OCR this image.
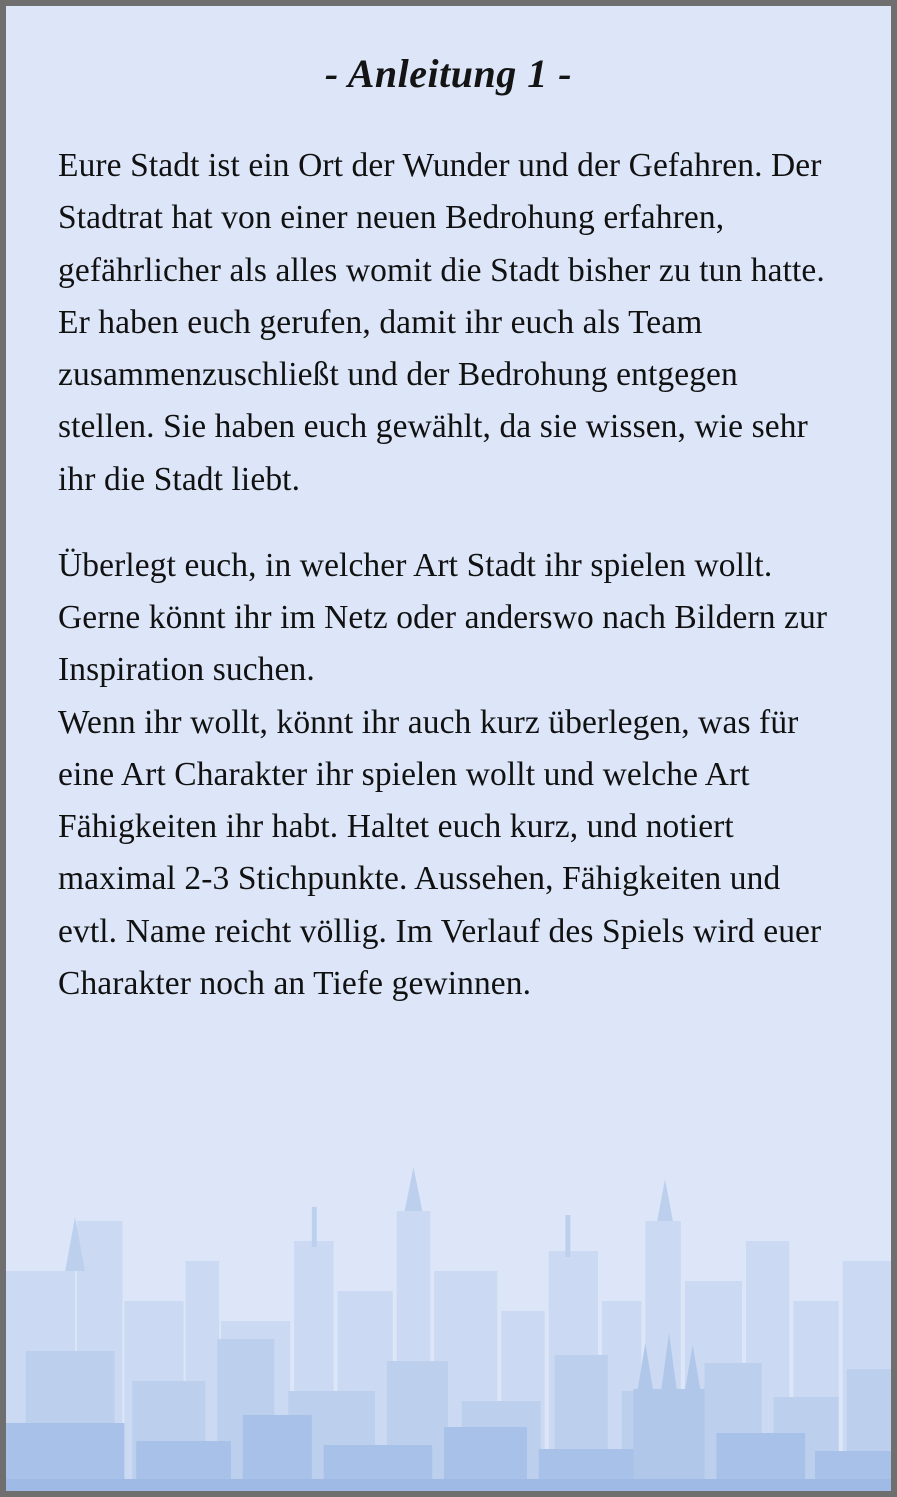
- Anleitung 1 -

Eure Stadt ist ein Ort der Wunder und der Gefahren. Der Stadtrat hat von einer neuen Bedrohung erfahren, gefährlicher als alles womit die Stadt bisher zu tun hatte.

Er haben euch gerufen, damit ihr euch als Team zusammenzuschließt und der Bedrohung entgegen stellen. Sie haben euch gewählt, da sie wissen, wie sehr ihr die Stadt liebt.

Überlegt euch, in welcher Art Stadt ihr spielen wollt. Gerne könnt ihr im Netz oder anderswo nach Bildern zur Inspiration suchen.

Wenn ihr wollt, könnt ihr auch kurz überlegen, was für eine Art Charakter ihr spielen wollt und welche Art Fähigkeiten ihr habt. Haltet euch kurz, und notiert maximal 2-3 Stichpunkte. Aussehen, Fähigkeiten und evtl. Name reicht völlig. Im Verlauf des Spiels wird euer Charakter noch an Tiefe gewinnen.
